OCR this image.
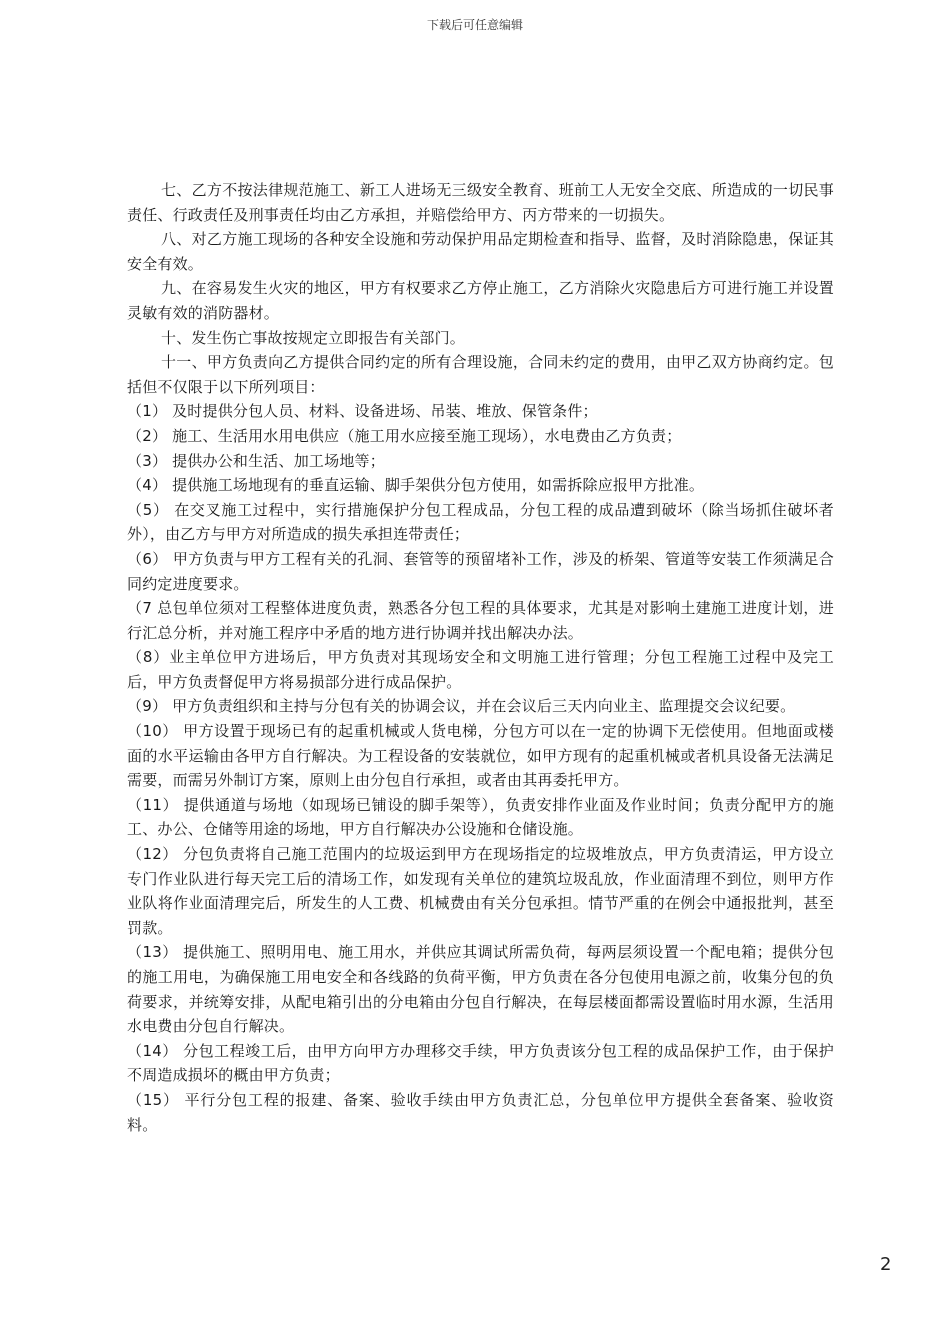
下载后可任意编辑

七、乙方不按法律规范施工、新工人进场无三级安全教育、班前工人无安全交底、所造成的一切民事责任、行政责任及刑事责任均由乙方承担，并赔偿给甲方、丙方带来的一切损失。

八、对乙方施工现场的各种安全设施和劳动保护用品定期检查和指导、监督，及时消除隐患，保证其安全有效。

九、在容易发生火灾的地区，甲方有权要求乙方停止施工，乙方消除火灾隐患后方可进行施工并设置灵敏有效的消防器材。

十、发生伤亡事故按规定立即报告有关部门。

十一、甲方负责向乙方提供合同约定的所有合理设施，合同未约定的费用，由甲乙双方协商约定。包括但不仅限于以下所列项目：

（1） 及时提供分包人员、材料、设备进场、吊装、堆放、保管条件；

（2） 施工、生活用水用电供应（施工用水应接至施工现场），水电费由乙方负责；

（3） 提供办公和生活、加工场地等；

（4） 提供施工场地现有的垂直运输、脚手架供分包方使用，如需拆除应报甲方批准。

（5） 在交叉施工过程中，实行措施保护分包工程成品，分包工程的成品遭到破坏（除当场抓住破坏者外），由乙方与甲方对所造成的损失承担连带责任；

（6） 甲方负责与甲方工程有关的孔洞、套管等的预留堵补工作，涉及的桥架、管道等安装工作须满足合同约定进度要求。

（7 总包单位须对工程整体进度负责，熟悉各分包工程的具体要求，尤其是对影响土建施工进度计划，进行汇总分析，并对施工程序中矛盾的地方进行协调并找出解决办法。

（8）业主单位甲方进场后，甲方负责对其现场安全和文明施工进行管理；分包工程施工过程中及完工后，甲方负责督促甲方将易损部分进行成品保护。

（9） 甲方负责组织和主持与分包有关的协调会议，并在会议后三天内向业主、监理提交会议纪要。

（10） 甲方设置于现场已有的起重机械或人货电梯，分包方可以在一定的协调下无偿使用。但地面或楼面的水平运输由各甲方自行解决。为工程设备的安装就位，如甲方现有的起重机械或者机具设备无法满足需要，而需另外制订方案，原则上由分包自行承担，或者由其再委托甲方。

（11） 提供通道与场地（如现场已铺设的脚手架等），负责安排作业面及作业时间；负责分配甲方的施工、办公、仓储等用途的场地，甲方自行解决办公设施和仓储设施。

（12） 分包负责将自己施工范围内的垃圾运到甲方在现场指定的垃圾堆放点，甲方负责清运，甲方设立专门作业队进行每天完工后的清场工作，如发现有关单位的建筑垃圾乱放，作业面清理不到位，则甲方作业队将作业面清理完后，所发生的人工费、机械费由有关分包承担。情节严重的在例会中通报批判，甚至罚款。

（13） 提供施工、照明用电、施工用水，并供应其调试所需负荷，每两层须设置一个配电箱；提供分包的施工用电，为确保施工用电安全和各线路的负荷平衡，甲方负责在各分包使用电源之前，收集分包的负荷要求，并统筹安排，从配电箱引出的分电箱由分包自行解决，在每层楼面都需设置临时用水源，生活用水电费由分包自行解决。

（14） 分包工程竣工后，由甲方向甲方办理移交手续，甲方负责该分包工程的成品保护工作，由于保护不周造成损坏的概由甲方负责；

（15） 平行分包工程的报建、备案、验收手续由甲方负责汇总，分包单位甲方提供全套备案、验收资料。

2
